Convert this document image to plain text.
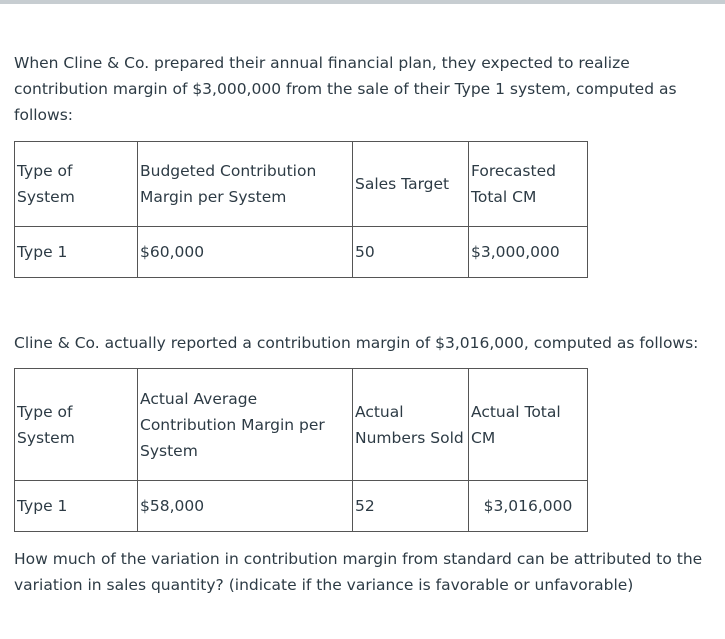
When Cline & Co. prepared their annual financial plan, they expected to realize contribution margin of $3,000,000 from the sale of their Type 1 system, computed as follows:

Type of System	Budgeted Contribution Margin per System	Sales Target	Forecasted Total CM
Type 1	$60,000	50	$3,000,000

Cline & Co. actually reported a contribution margin of $3,016,000, computed as follows:

Type of System	Actual Average Contribution Margin per System	Actual Numbers Sold	Actual Total CM
Type 1	$58,000	52	$3,016,000

How much of the variation in contribution margin from standard can be attributed to the variation in sales quantity? (indicate if the variance is favorable or unfavorable)
